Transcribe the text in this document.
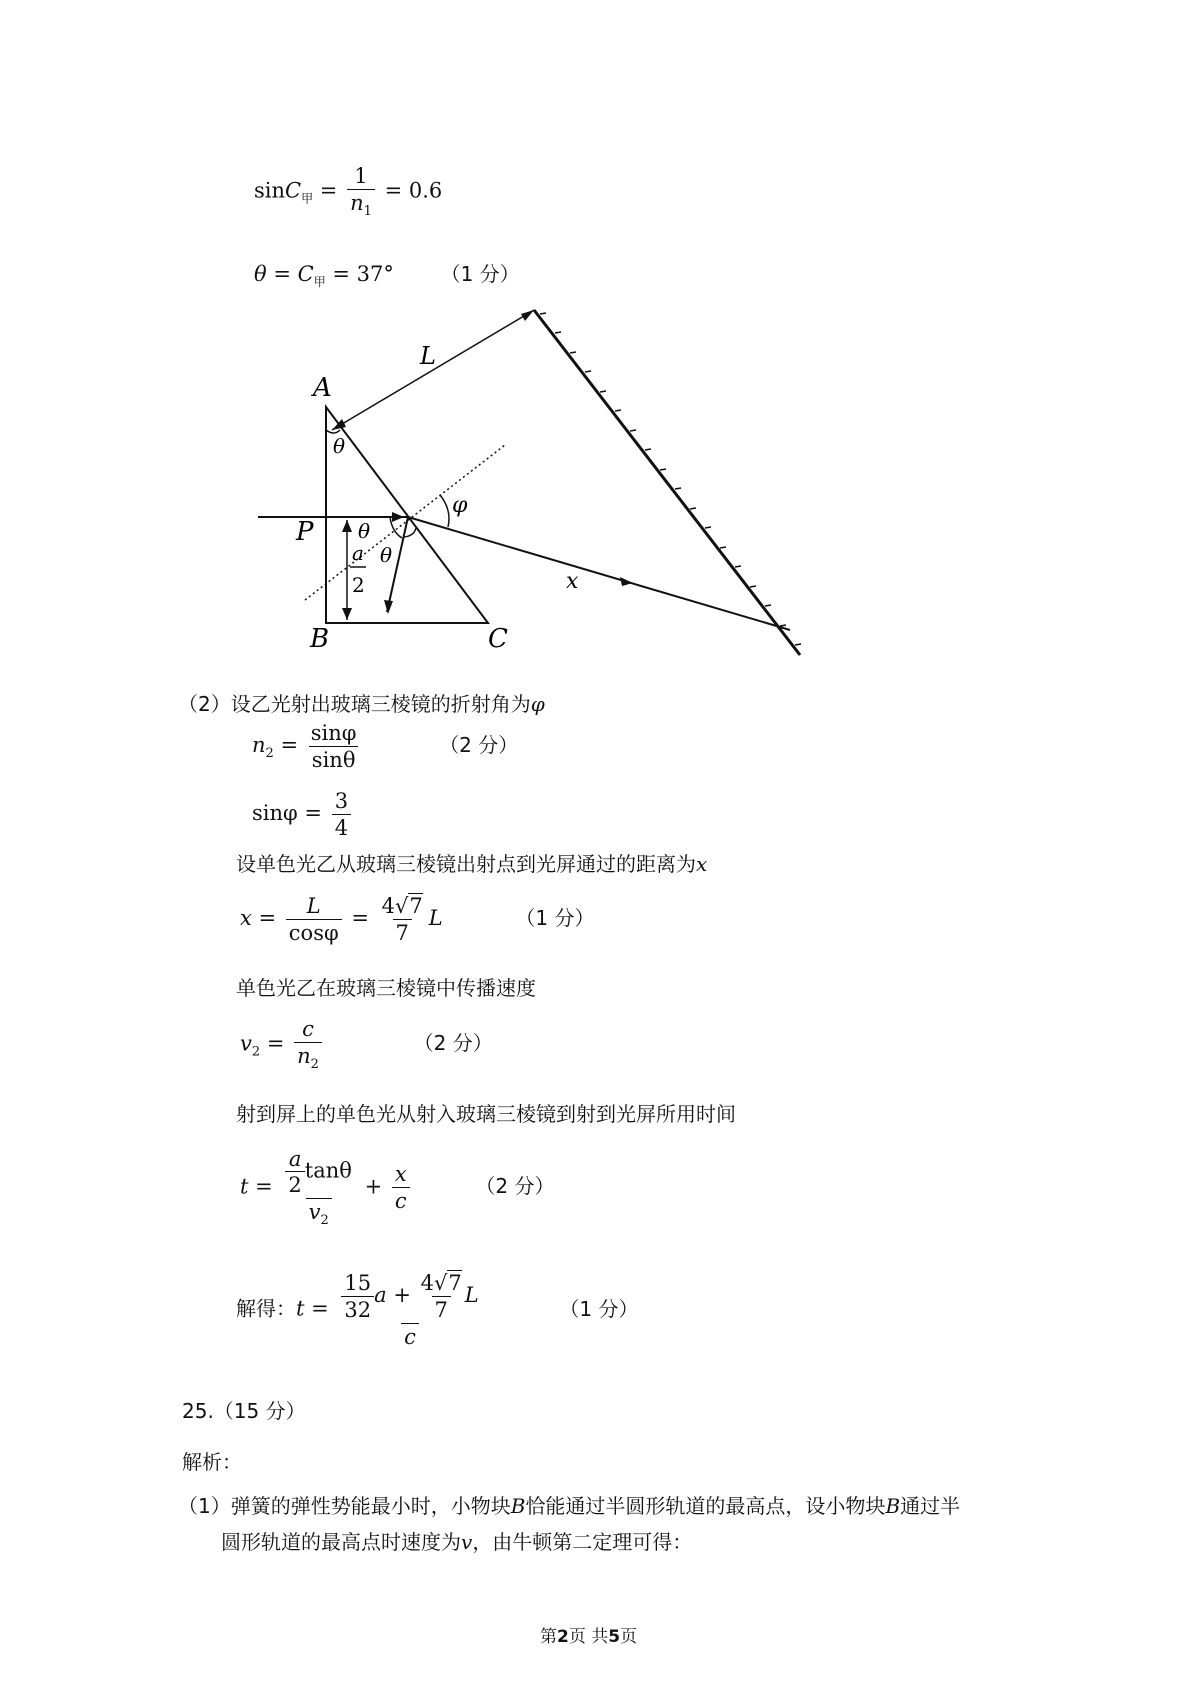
$\sin C_甲 = \frac{1}{n_1} = 0.6$
$\theta = C_甲 = 37^\circ$ （1 分）
A
B	C
P
L
x
φ
θ
θ
θ
a
2
（2）设乙光射出玻璃三棱镜的折射角为φ
$n_2 = \frac{\sin\varphi}{\sin\theta}$	（2 分）
$\sin\varphi = \frac{3}{4}$
设单色光乙从玻璃三棱镜出射点到光屏通过的距离为x
$x = \frac{L}{\cos\varphi} = \frac{4√7}{7}$ L	（1 分）
单色光乙在玻璃三棱镜中传播速度
$v_2 = \frac{c}{n_2}$	（2 分）
射到屏上的单色光从射入玻璃三棱镜到射到光屏所用时间
$t = \frac{\frac{a}{2} \tan\theta}{v_2} + \frac{x}{c}$	（2 分）
解得：$t = \frac{\frac{15}{32} a + \frac{4√7}{7} L}{c}$	（1 分）
25.（15 分）
解析：
（1）弹簧的弹性势能最小时，小物块B恰能通过半圆形轨道的最高点，设小物块B通过半
圆形轨道的最高点时速度为v，由牛顿第二定理可得：
第2页 共5页
